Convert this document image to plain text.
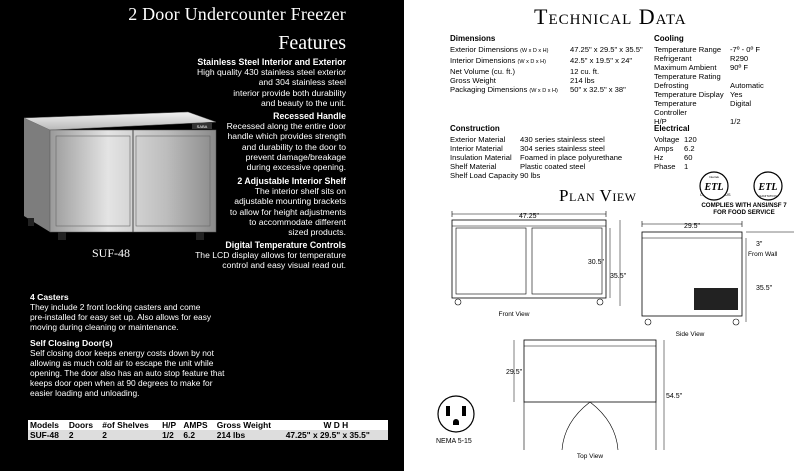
2 Door Undercounter Freezer
Features
SABA
Stainless Steel Interior and Exterior

High quality 430 stainless steel exterior

and 304 stainless steel

interior provide both durability

and beauty to the unit.

Recessed Handle

Recessed along the entire door

handle which provides strength

and durability to the door to

prevent damage/breakage

during excessive opening.

2 Adjustable Interior Shelf

The interior shelf sits on

adjustable mounting brackets

to allow for height adjustments

to accommodate different

sized products.

Digital Temperature Controls

The LCD display allows for temperature

control and easy visual read out.

SUF-48
4 Casters

They include 2 front locking casters and come

pre-installed for easy set up. Also allows for easy

moving during cleaning or maintenance.

Self Closing Door(s)

Self closing door keeps energy costs down by not

allowing as much cold air to escape the unit while

opening. The door also has an auto stop feature that

keeps door open when at 90 degrees to make for

easier loading and unloading.

Models	Doors	#of Shelves	H/P	AMPS	Gross Weight	W D H
SUF-48	2	2	1/2	6.2	214 lbs	47.25" x 29.5" x 35.5"
Technical Data
Dimensions
Exterior Dimensions (W x D x H)	47.25" x 29.5" x 35.5"
Interior Dimensions (W x D x H)	42.5" x 19.5" x 24"
Net Volume (cu. ft.)	12 cu. ft.
Gross Weight	214 lbs
Packaging Dimensions (W x D x H)	50" x 32.5" x 38"
Cooling
Temperature Range	-7º - 0º F
Refrigerant	R290
Maximum Ambient	90º F
Temperature Rating
Defrosting	Automatic
Temperature Display Yes
Temperature Controller
Digital
H/P	1/2
Construction
Exterior Material	430 series stainless steel
Interior Material	304 series stainless steel
Insulation Material	Foamed in place polyurethane
Shelf Material	Plastic coated steel
Shelf Load Capacity 90 lbs
Electrical
Voltage 120
Amps	6.2
Hz	60
Phase	1
ETL
Intertek
C	US
ETL
SANITATION
COMPLIES WITH ANSI/NSF 7
FOR FOOD SERVICE
Plan View
47.25"
30.5"
35.5"
Front View
29.5"
3"
From Wall
35.5"
Side View
29.5"
54.5"
Top View
NEMA 5-15
